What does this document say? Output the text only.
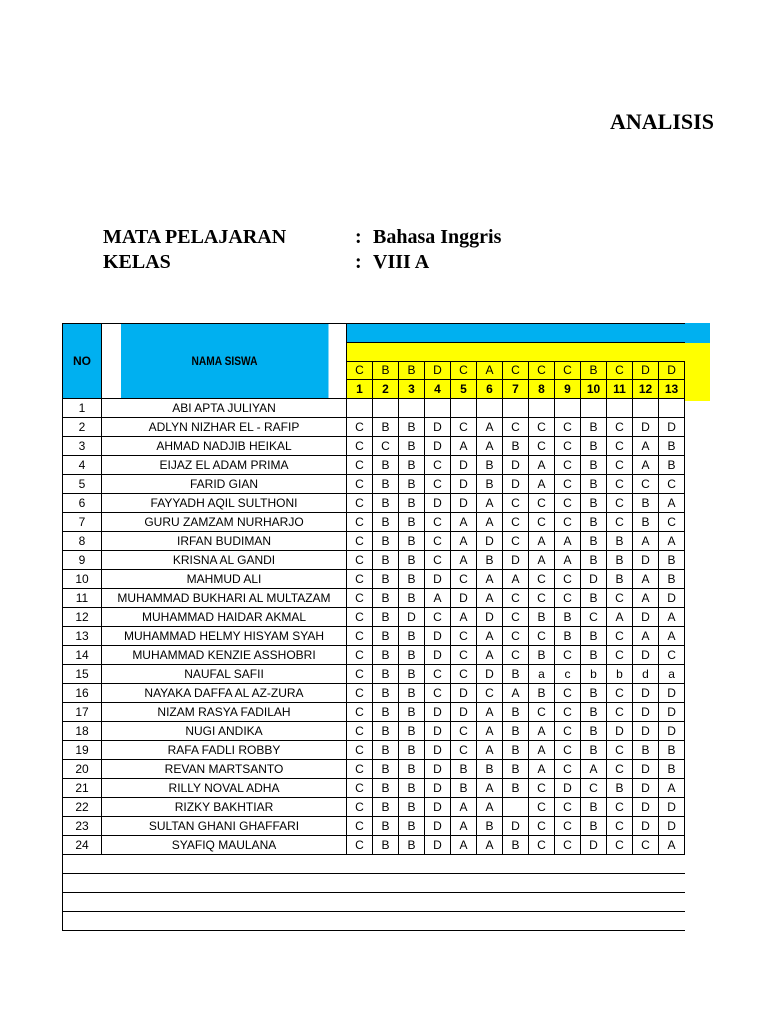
ANALISIS
MATA PELAJARAN	: Bahasa Inggris
KELAS	: VIII A
NO	NAMA SISWA													

		C	B	B	D	C	A	C	C	C	B	C	D	D
		1	2	3	4	5	6	7	8	9	10	11	12	13
1	ABI APTA JULIYAN													
2	ADLYN NIZHAR EL - RAFIP	C	B	B	D	C	A	C	C	C	B	C	D	D
3	AHMAD NADJIB HEIKAL	C	C	B	D	A	A	B	C	C	B	C	A	B
4	EIJAZ EL ADAM PRIMA	C	B	B	C	D	B	D	A	C	B	C	A	B
5	FARID GIAN	C	B	B	C	D	B	D	A	C	B	C	C	C
6	FAYYADH AQIL SULTHONI	C	B	B	D	D	A	C	C	C	B	C	B	A
7	GURU ZAMZAM NURHARJO	C	B	B	C	A	A	C	C	C	B	C	B	C
8	IRFAN BUDIMAN	C	B	B	C	A	D	C	A	A	B	B	A	A
9	KRISNA AL GANDI	C	B	B	C	A	B	D	A	A	B	B	D	B
10	MAHMUD ALI	C	B	B	D	C	A	A	C	C	D	B	A	B
11	MUHAMMAD BUKHARI AL MULTAZAM	C	B	B	A	D	A	C	C	C	B	C	A	D
12	MUHAMMAD HAIDAR AKMAL	C	B	D	C	A	D	C	B	B	C	A	D	A
13	MUHAMMAD HELMY HISYAM SYAH	C	B	B	D	C	A	C	C	B	B	C	A	A
14	MUHAMMAD KENZIE ASSHOBRI	C	B	B	D	C	A	C	B	C	B	C	D	C
15	NAUFAL SAFII	C	B	B	C	C	D	B	a	c	b	b	d	a
16	NAYAKA DAFFA AL AZ-ZURA	C	B	B	C	D	C	A	B	C	B	C	D	D
17	NIZAM RASYA FADILAH	C	B	B	D	D	A	B	C	C	B	C	D	D
18	NUGI ANDIKA	C	B	B	D	C	A	B	A	C	B	D	D	D
19	RAFA FADLI ROBBY	C	B	B	D	C	A	B	A	C	B	C	B	B
20	REVAN MARTSANTO	C	B	B	D	B	B	B	A	C	A	C	D	B
21	RILLY NOVAL ADHA	C	B	B	D	B	A	B	C	D	C	B	D	A
22	RIZKY BAKHTIAR	C	B	B	D	A	A		C	C	B	C	D	D
23	SULTAN GHANI GHAFFARI	C	B	B	D	A	B	D	C	C	B	C	D	D
24	SYAFIQ MAULANA	C	B	B	D	A	A	B	C	C	D	C	C	A
